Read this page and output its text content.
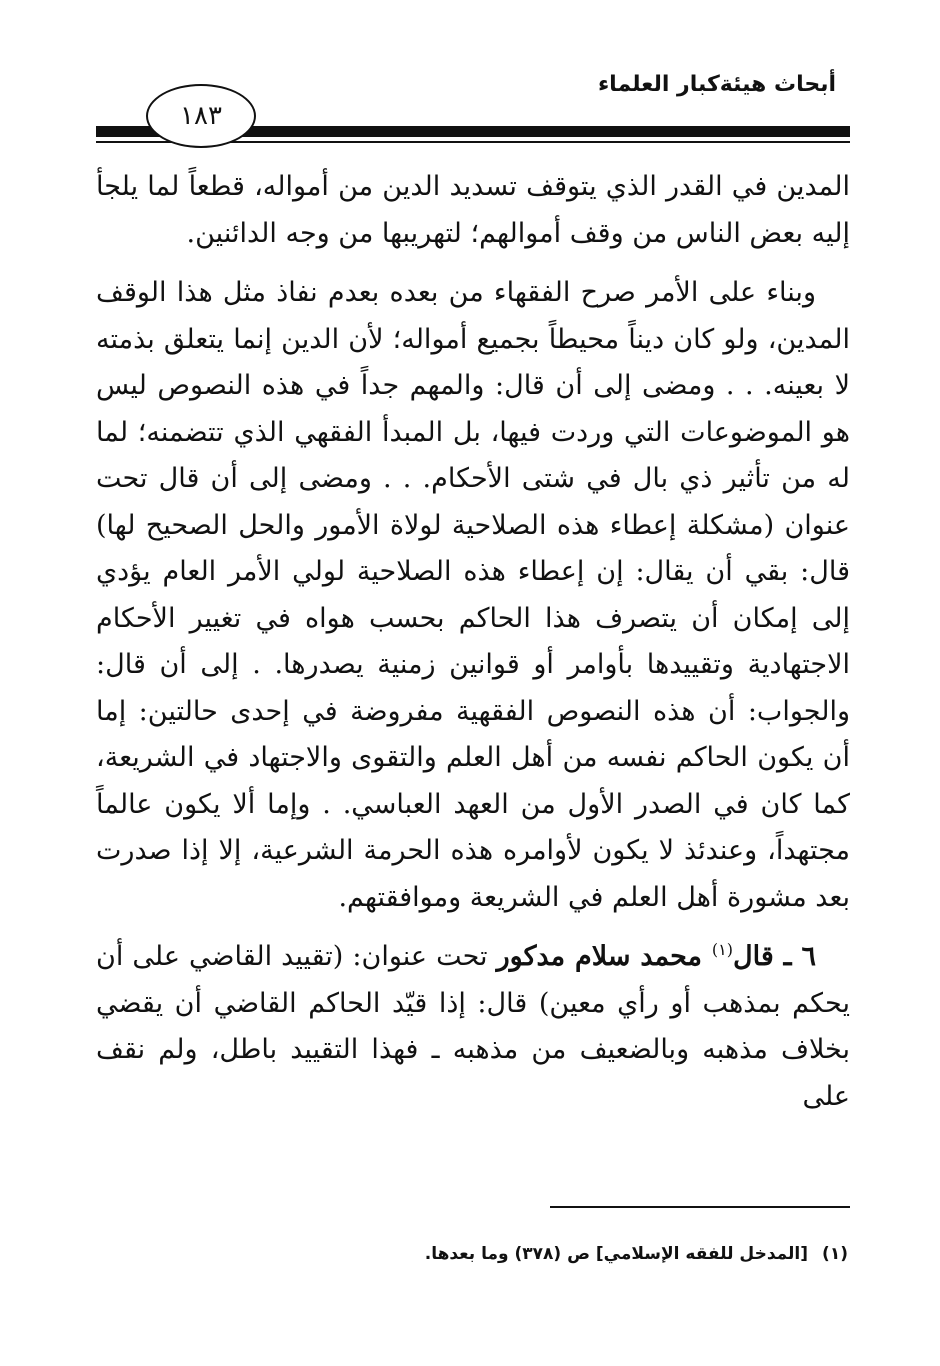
أبحاث هيئةكبار العلماء
١٨٣

المدين في القدر الذي يتوقف تسديد الدين من أمواله، قطعاً لما يلجأ إليه بعض الناس من وقف أموالهم؛ لتهريبها من وجه الدائنين.

وبناء على الأمر صرح الفقهاء من بعده بعدم نفاذ مثل هذا الوقف المدين، ولو كان ديناً محيطاً بجميع أمواله؛ لأن الدين إنما يتعلق بذمته لا بعينه. . . ومضى إلى أن قال: والمهم جداً في هذه النصوص ليس هو الموضوعات التي وردت فيها، بل المبدأ الفقهي الذي تتضمنه؛ لما له من تأثير ذي بال في شتى الأحكام. . . ومضى إلى أن قال تحت عنوان (مشكلة إعطاء هذه الصلاحية لولاة الأمور والحل الصحيح لها) قال: بقي أن يقال: إن إعطاء هذه الصلاحية لولي الأمر العام يؤدي إلى إمكان أن يتصرف هذا الحاكم بحسب هواه في تغيير الأحكام الاجتهادية وتقييدها بأوامر أو قوانين زمنية يصدرها. . إلى أن قال: والجواب: أن هذه النصوص الفقهية مفروضة في إحدى حالتين: إما أن يكون الحاكم نفسه من أهل العلم والتقوى والاجتهاد في الشريعة، كما كان في الصدر الأول من العهد العباسي. . وإما ألا يكون عالماً مجتهداً، وعندئذ لا يكون لأوامره هذه الحرمة الشرعية، إلا إذا صدرت بعد مشورة أهل العلم في الشريعة وموافقتهم.

٦ ـ قال$^{(١)}$ محمد سلام مدكور تحت عنوان: (تقييد القاضي على أن يحكم بمذهب أو رأي معين) قال: إذا قيّد الحاكم القاضي أن يقضي بخلاف مذهبه وبالضعيف من مذهبه ـ فهذا التقييد باطل، ولم نقف على

(١)[المدخل للفقه الإسلامي] ص (٣٧٨) وما بعدها.
